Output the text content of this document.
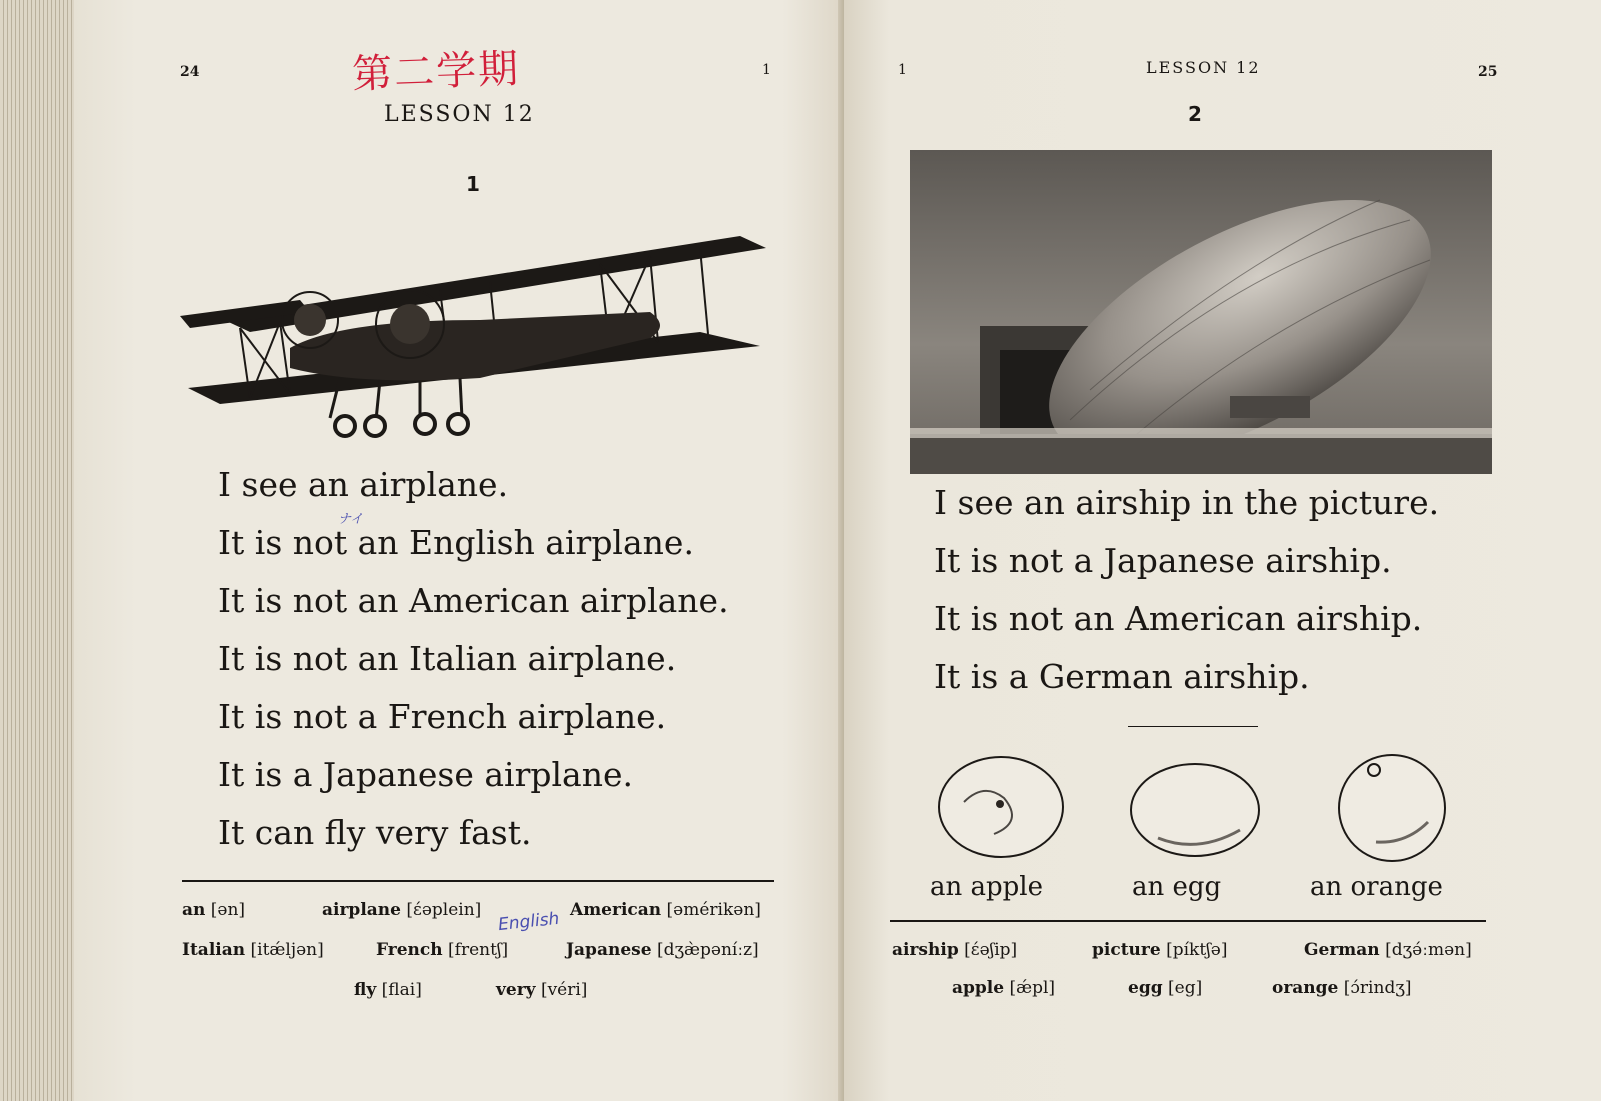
24	1
第二学期
LESSON 12
1
I see an airplane.
It is not an English airplane.
It is not an American airplane.
It is not an Italian airplane.
It is not a French airplane.
It is a Japanese airplane.
It can fly very fast.
ナイ
an [ən]	airplane [ɛ́əplein]	American [əmérikən]
English
Italian [itǽljən]	French [frentʃ]	Japanese [dʒæ̀pəníːz]
fly [flai]	very [véri]
1	LESSON 12	25
2
I see an airship in the picture.
It is not a Japanese airship.
It is not an American airship.
It is a German airship.
an apple	an egg	an orange
airship [ɛ́əʃip]	picture [píktʃə]	German [dʒə́ːmən]
apple [ǽpl]	egg [eg]	orange [ɔ́rindʒ]
